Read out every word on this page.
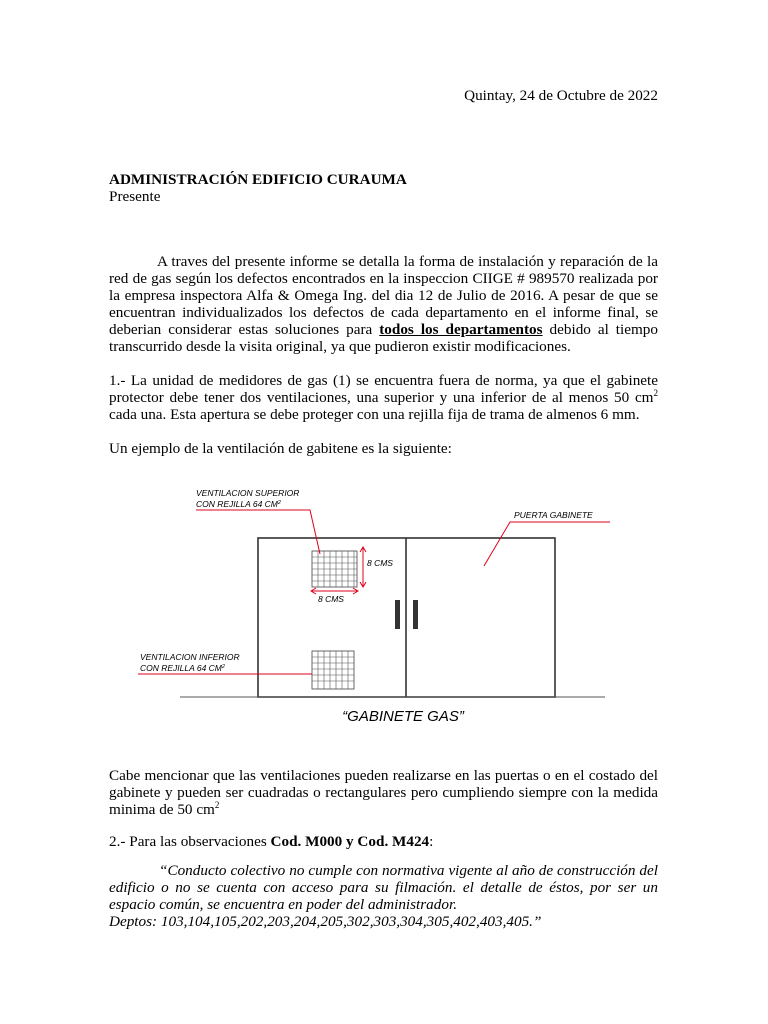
Quintay, 24 de Octubre de 2022
ADMINISTRACIÓN EDIFICIO CURAUMA
Presente
A traves del presente informe se detalla la forma de instalación y reparación de la red de gas según los defectos encontrados en la inspeccion CIIGE # 989570 realizada por la empresa inspectora Alfa & Omega Ing. del dia 12 de Julio de 2016. A pesar de que se encuentran individualizados los defectos de cada departamento en el informe final, se deberian considerar estas soluciones para todos los departamentos debido al tiempo transcurrido desde la visita original, ya que pudieron existir modificaciones.
1.- La unidad de medidores de gas (1) se encuentra fuera de norma, ya que el gabinete protector debe tener dos ventilaciones, una superior y una inferior de al menos 50 $cm^2$ cada una. Esta apertura se debe proteger con una rejilla fija de trama de almenos 6 mm.
Un ejemplo de la ventilación de gabitene es la siguiente:
VENTILACION SUPERIOR
CON REJILLA 64 $CM^2$
PUERTA GABINETE
8 CMS
8 CMS
VENTILACION INFERIOR
CON REJILLA 64 $CM^2$
“GABINETE GAS”
Cabe mencionar que las ventilaciones pueden realizarse en las puertas o en el costado del gabinete y pueden ser cuadradas o rectangulares pero cumpliendo siempre con la medida minima de 50 $cm^2$
2.- Para las observaciones Cod. M000 y Cod. M424:
“Conducto colectivo no cumple con normativa vigente al año de construcción del edificio o no se cuenta con acceso para su filmación. el detalle de éstos, por ser un espacio común, se encuentra en poder del administrador.
Deptos: 103,104,105,202,203,204,205,302,303,304,305,402,403,405.”
